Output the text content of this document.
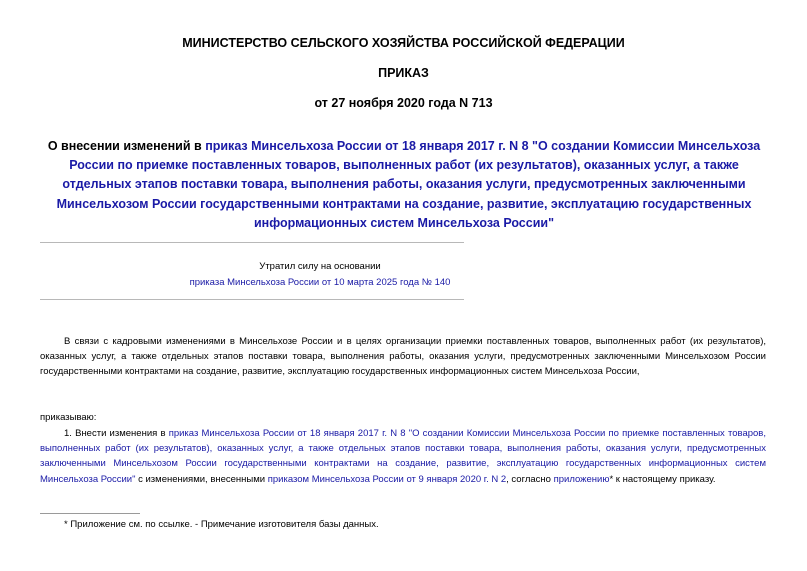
МИНИСТЕРСТВО СЕЛЬСКОГО ХОЗЯЙСТВА РОССИЙСКОЙ ФЕДЕРАЦИИ
ПРИКАЗ
от 27 ноября 2020 года N 713
О внесении изменений в приказ Минсельхоза России от 18 января 2017 г. N 8 "О создании Комиссии Минсельхоза России по приемке поставленных товаров, выполненных работ (их результатов), оказанных услуг, а также отдельных этапов поставки товара, выполнения работы, оказания услуги, предусмотренных заключенными Минсельхозом России государственными контрактами на создание, развитие, эксплуатацию государственных информационных систем Минсельхоза России"
Утратил силу на основании
приказа Минсельхоза России от 10 марта 2025 года № 140
В связи с кадровыми изменениями в Минсельхозе России и в целях организации приемки поставленных товаров, выполненных работ (их результатов), оказанных услуг, а также отдельных этапов поставки товара, выполнения работы, оказания услуги, предусмотренных заключенными Минсельхозом России государственными контрактами на создание, развитие, эксплуатацию государственных информационных систем Минсельхоза России,
приказываю:
1. Внести изменения в приказ Минсельхоза России от 18 января 2017 г. N 8 "О создании Комиссии Минсельхоза России по приемке поставленных товаров, выполненных работ (их результатов), оказанных услуг, а также отдельных этапов поставки товара, выполнения работы, оказания услуги, предусмотренных заключенными Минсельхозом России государственными контрактами на создание, развитие, эксплуатацию государственных информационных систем Минсельхоза России" с изменениями, внесенными приказом Минсельхоза России от 9 января 2020 г. N 2, согласно приложению* к настоящему приказу.
* Приложение см. по ссылке. - Примечание изготовителя базы данных.
